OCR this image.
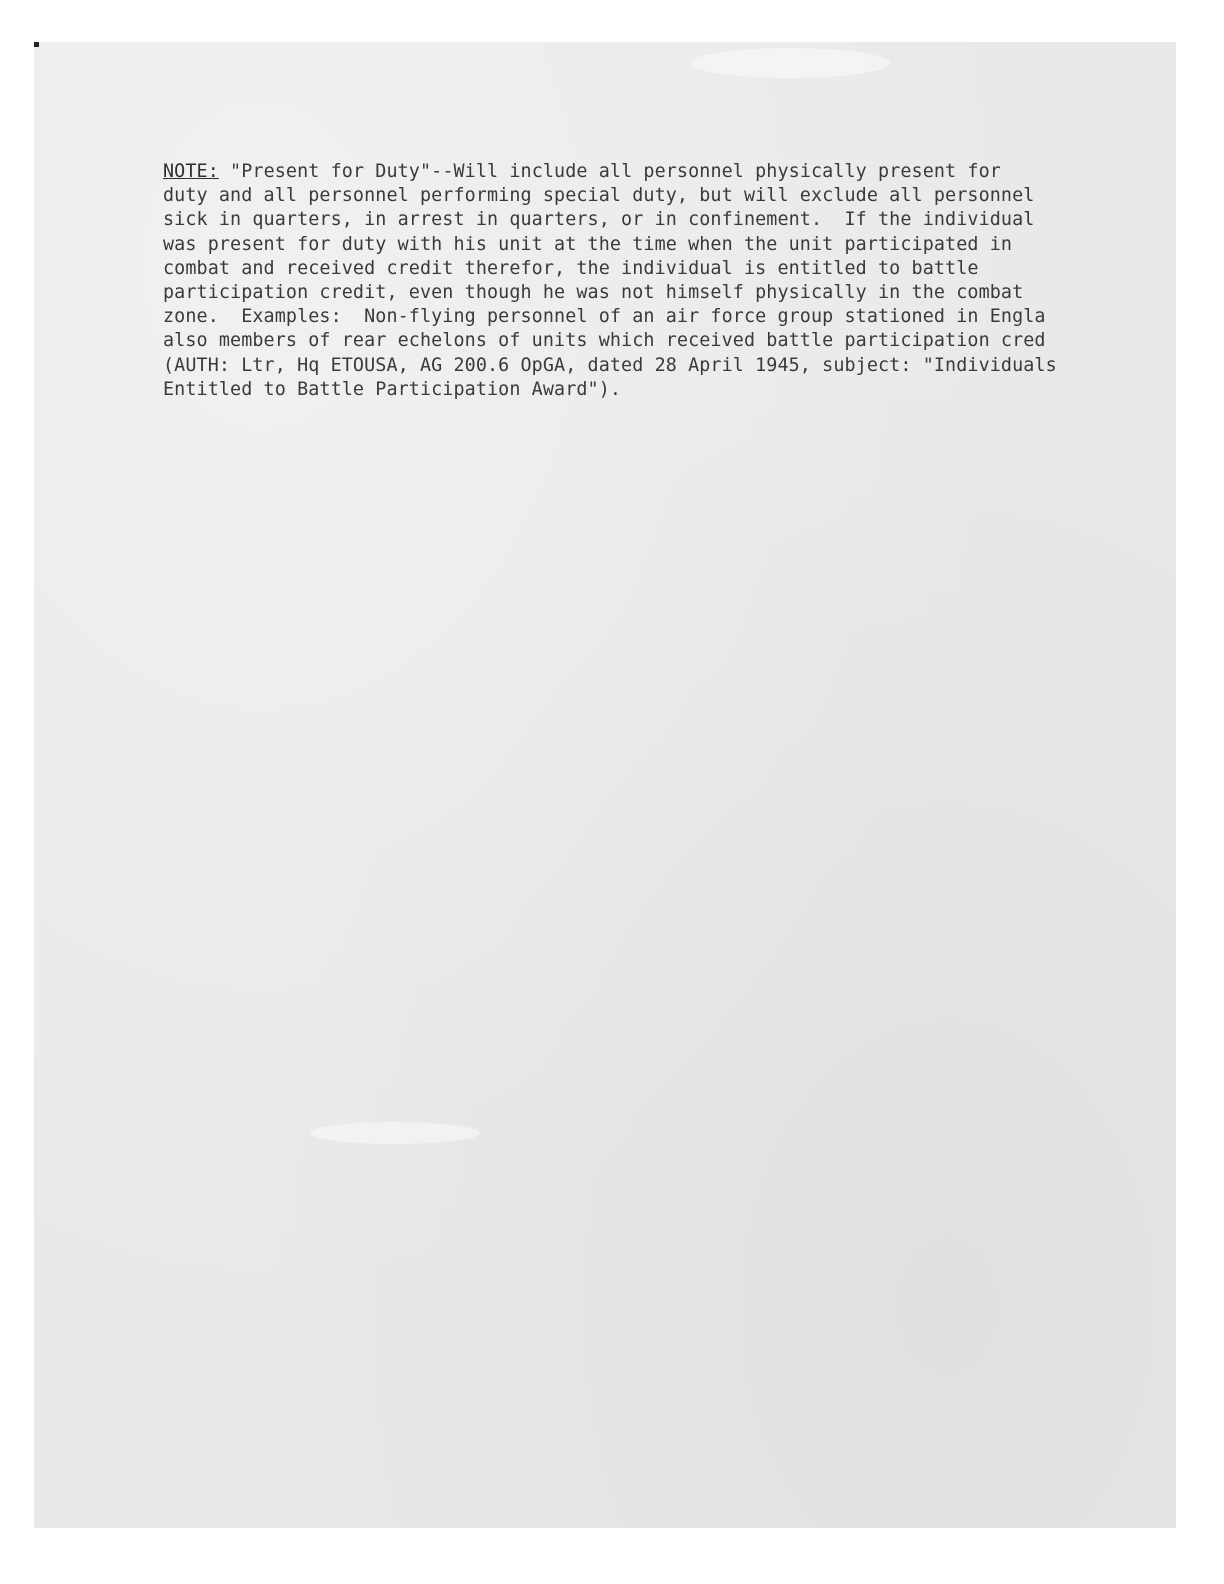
NOTE: "Present for Duty"--Will include all personnel physically present for
duty and all personnel performing special duty, but will exclude all personnel
sick in quarters, in arrest in quarters, or in confinement.  If the individual
was present for duty with his unit at the time when the unit participated in
combat and received credit therefor, the individual is entitled to battle
participation credit, even though he was not himself physically in the combat
zone.  Examples:  Non-flying personnel of an air force group stationed in Engla
also members of rear echelons of units which received battle participation cred
(AUTH: Ltr, Hq ETOUSA, AG 200.6 OpGA, dated 28 April 1945, subject: "Individuals
Entitled to Battle Participation Award").
